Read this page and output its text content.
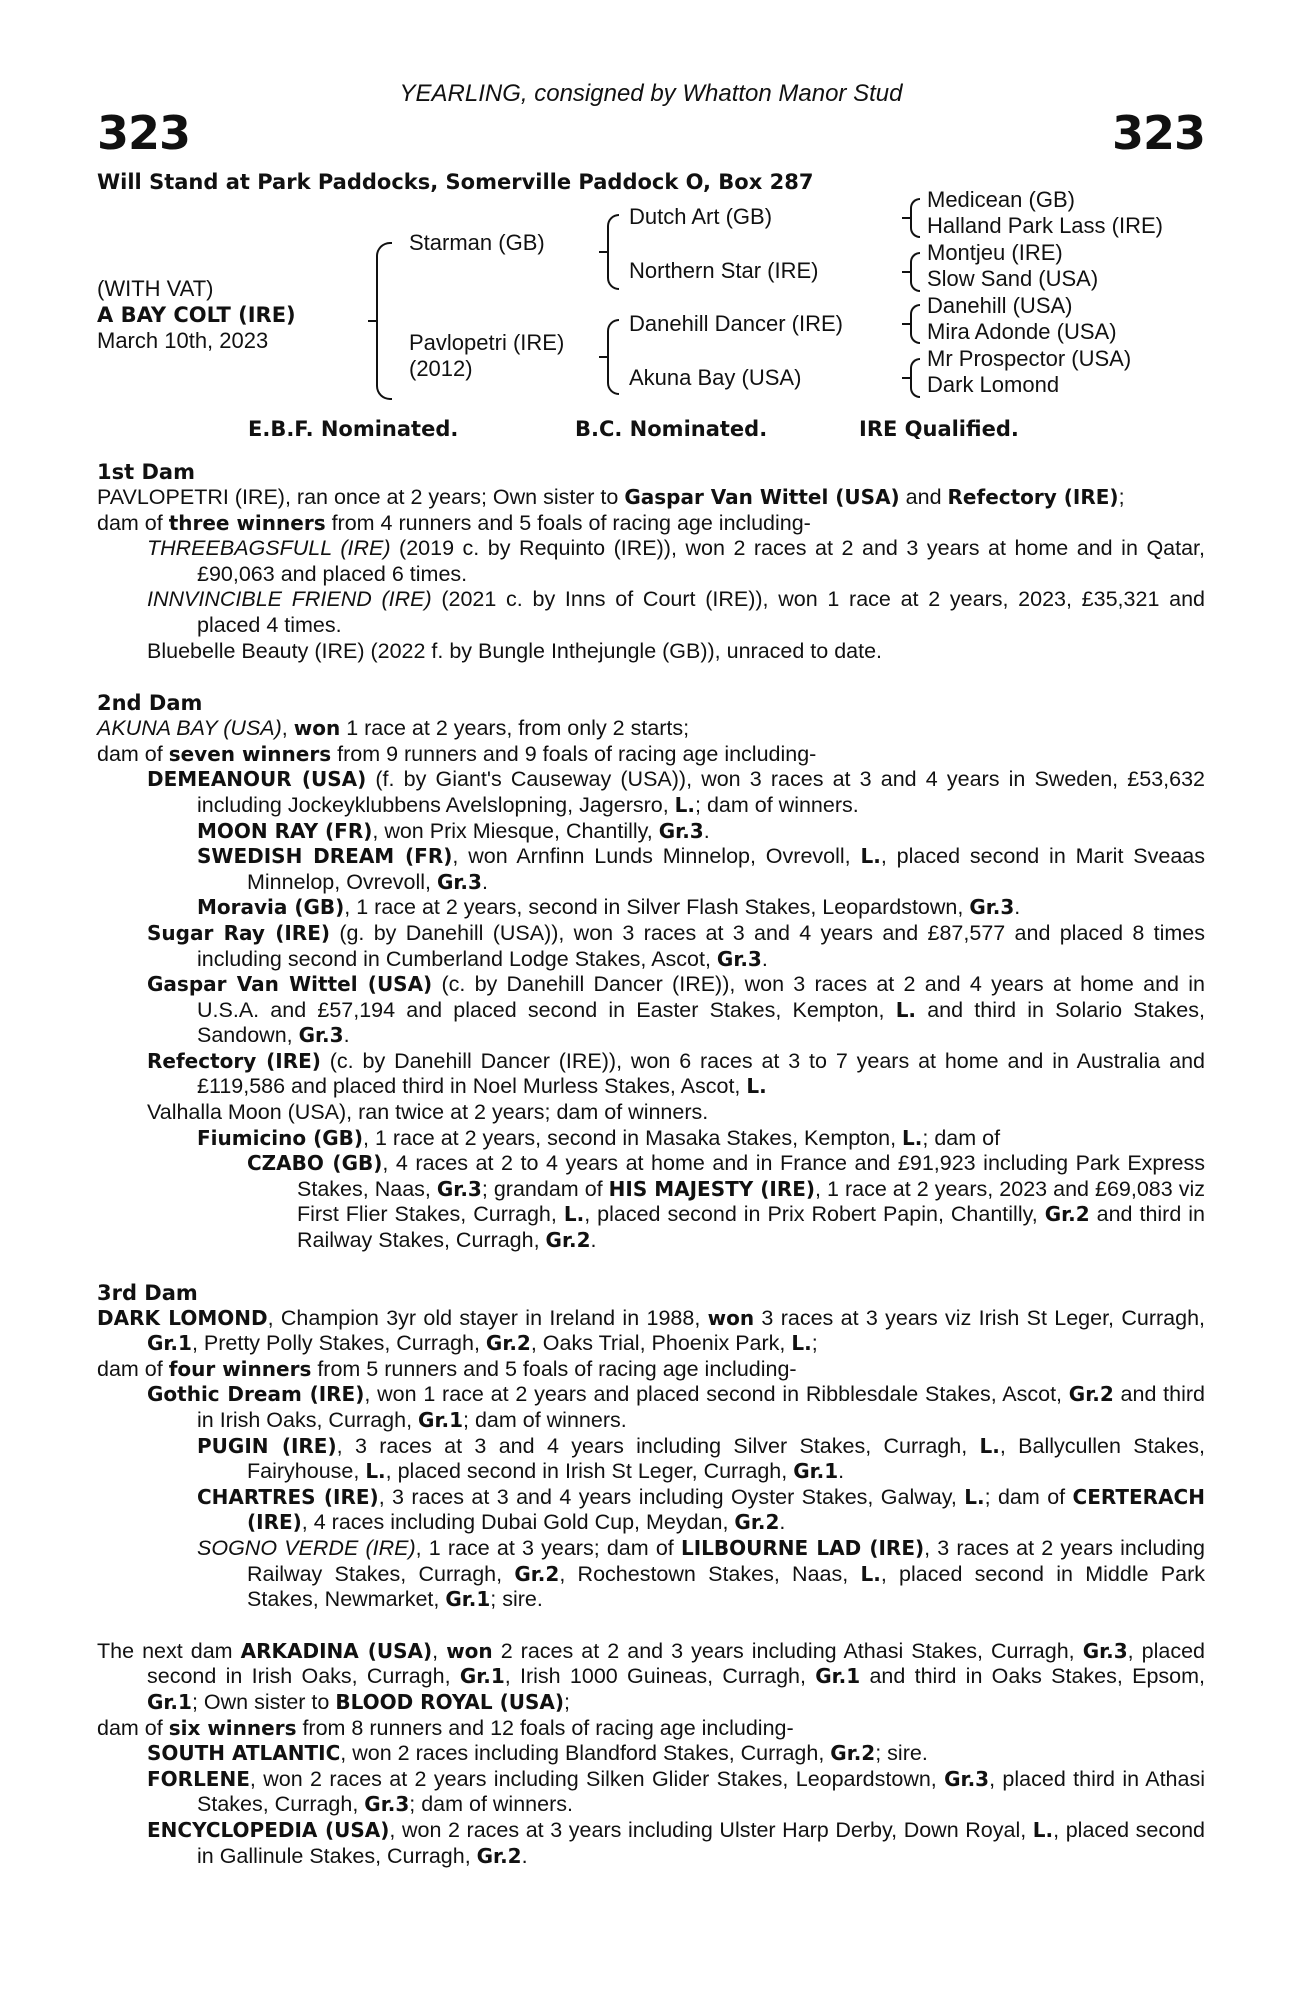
YEARLING, consigned by Whatton Manor Stud
323	323
Will Stand at Park Paddocks, Somerville Paddock O, Box 287
(WITH VAT)
A BAY COLT (IRE)
March 10th, 2023
Starman (GB)
Pavlopetri (IRE)
(2012)
Dutch Art (GB)
Northern Star (IRE)
Danehill Dancer (IRE)
Akuna Bay (USA)
Medicean (GB)
Halland Park Lass (IRE)
Montjeu (IRE)
Slow Sand (USA)
Danehill (USA)
Mira Adonde (USA)
Mr Prospector (USA)
Dark Lomond
E.B.F. Nominated.	B.C. Nominated.	IRE Qualified.
1st Dam

PAVLOPETRI (IRE), ran once at 2 years; Own sister to Gaspar Van Wittel (USA) and Refectory (IRE);

dam of three winners from 4 runners and 5 foals of racing age including-

THREEBAGSFULL (IRE) (2019 c. by Requinto (IRE)), won 2 races at 2 and 3 years at home and in Qatar, £90,063 and placed 6 times.

INNVINCIBLE FRIEND (IRE) (2021 c. by Inns of Court (IRE)), won 1 race at 2 years, 2023, £35,321 and placed 4 times.

Bluebelle Beauty (IRE) (2022 f. by Bungle Inthejungle (GB)), unraced to date.

2nd Dam

AKUNA BAY (USA), won 1 race at 2 years, from only 2 starts;

dam of seven winners from 9 runners and 9 foals of racing age including-

DEMEANOUR (USA) (f. by Giant's Causeway (USA)), won 3 races at 3 and 4 years in Sweden, £53,632 including Jockeyklubbens Avelslopning, Jagersro, L.; dam of winners.

MOON RAY (FR), won Prix Miesque, Chantilly, Gr.3.

SWEDISH DREAM (FR), won Arnfinn Lunds Minnelop, Ovrevoll, L., placed second in Marit Sveaas Minnelop, Ovrevoll, Gr.3.

Moravia (GB), 1 race at 2 years, second in Silver Flash Stakes, Leopardstown, Gr.3.

Sugar Ray (IRE) (g. by Danehill (USA)), won 3 races at 3 and 4 years and £87,577 and placed 8 times including second in Cumberland Lodge Stakes, Ascot, Gr.3.

Gaspar Van Wittel (USA) (c. by Danehill Dancer (IRE)), won 3 races at 2 and 4 years at home and in U.S.A. and £57,194 and placed second in Easter Stakes, Kempton, L. and third in Solario Stakes, Sandown, Gr.3.

Refectory (IRE) (c. by Danehill Dancer (IRE)), won 6 races at 3 to 7 years at home and in Australia and £119,586 and placed third in Noel Murless Stakes, Ascot, L.

Valhalla Moon (USA), ran twice at 2 years; dam of winners.

Fiumicino (GB), 1 race at 2 years, second in Masaka Stakes, Kempton, L.; dam of

CZABO (GB), 4 races at 2 to 4 years at home and in France and £91,923 including Park Express Stakes, Naas, Gr.3; grandam of HIS MAJESTY (IRE), 1 race at 2 years, 2023 and £69,083 viz First Flier Stakes, Curragh, L., placed second in Prix Robert Papin, Chantilly, Gr.2 and third in Railway Stakes, Curragh, Gr.2.

3rd Dam

DARK LOMOND, Champion 3yr old stayer in Ireland in 1988, won 3 races at 3 years viz Irish St Leger, Curragh, Gr.1, Pretty Polly Stakes, Curragh, Gr.2, Oaks Trial, Phoenix Park, L.;

dam of four winners from 5 runners and 5 foals of racing age including-

Gothic Dream (IRE), won 1 race at 2 years and placed second in Ribblesdale Stakes, Ascot, Gr.2 and third in Irish Oaks, Curragh, Gr.1; dam of winners.

PUGIN (IRE), 3 races at 3 and 4 years including Silver Stakes, Curragh, L., Ballycullen Stakes, Fairyhouse, L., placed second in Irish St Leger, Curragh, Gr.1.

CHARTRES (IRE), 3 races at 3 and 4 years including Oyster Stakes, Galway, L.; dam of CERTERACH (IRE), 4 races including Dubai Gold Cup, Meydan, Gr.2.

SOGNO VERDE (IRE), 1 race at 3 years; dam of LILBOURNE LAD (IRE), 3 races at 2 years including Railway Stakes, Curragh, Gr.2, Rochestown Stakes, Naas, L., placed second in Middle Park Stakes, Newmarket, Gr.1; sire.

The next dam ARKADINA (USA), won 2 races at 2 and 3 years including Athasi Stakes, Curragh, Gr.3, placed second in Irish Oaks, Curragh, Gr.1, Irish 1000 Guineas, Curragh, Gr.1 and third in Oaks Stakes, Epsom, Gr.1; Own sister to BLOOD ROYAL (USA);

dam of six winners from 8 runners and 12 foals of racing age including-

SOUTH ATLANTIC, won 2 races including Blandford Stakes, Curragh, Gr.2; sire.

FORLENE, won 2 races at 2 years including Silken Glider Stakes, Leopardstown, Gr.3, placed third in Athasi Stakes, Curragh, Gr.3; dam of winners.

ENCYCLOPEDIA (USA), won 2 races at 3 years including Ulster Harp Derby, Down Royal, L., placed second in Gallinule Stakes, Curragh, Gr.2.
